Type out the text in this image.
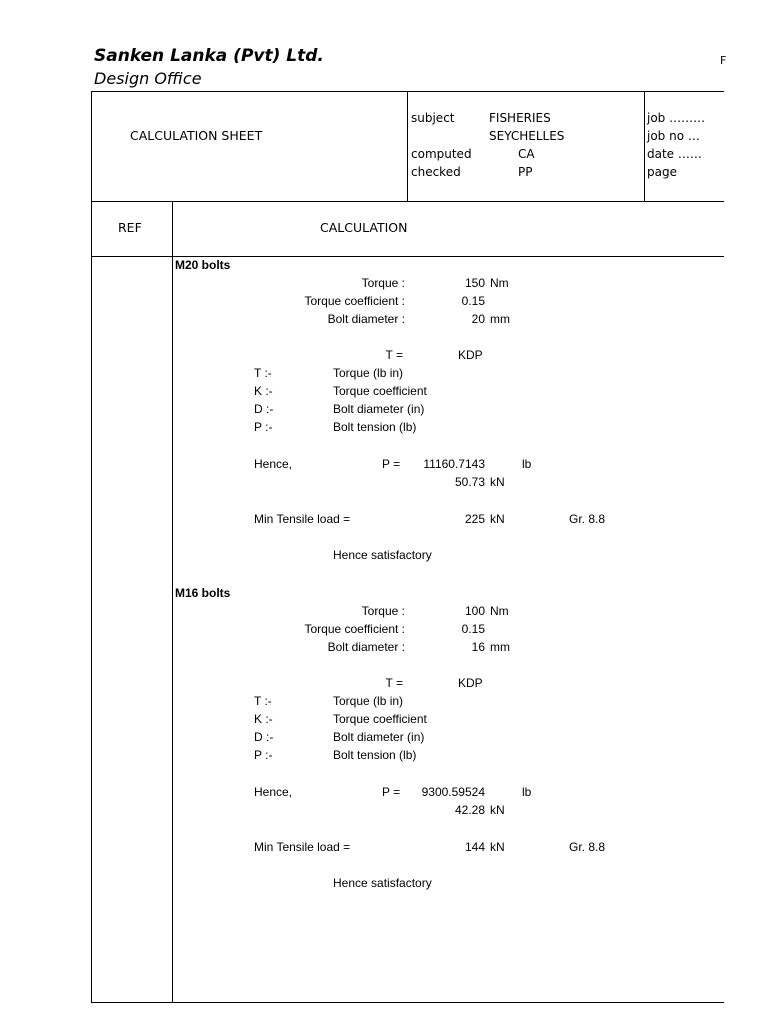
Sanken Lanka (Pvt) Ltd.
Design Office
F
CALCULATION SHEET
subject	FISHERIES
SEYCHELLES
computed	CA
checked	PP
job ………
job no …
date ……
page
REF	CALCULATION
M20 bolts
Torque :	150 Nm
Torque coefficient :	0.15
Bolt diameter :	20 mm
T =	KDP
T :-	Torque (lb in)
K :-	Torque coefficient
D :-	Bolt diameter (in)
P :-	Bolt tension (lb)
Hence,	P = 11160.7143	lb
50.73 kN
Min Tensile load =	225 kN	Gr. 8.8
Hence satisfactory
M16 bolts
Torque :	100 Nm
Torque coefficient :	0.15
Bolt diameter :	16 mm
T =	KDP
T :-	Torque (lb in)
K :-	Torque coefficient
D :-	Bolt diameter (in)
P :-	Bolt tension (lb)
Hence,	P = 9300.59524	lb
42.28 kN
Min Tensile load =	144 kN	Gr. 8.8
Hence satisfactory
